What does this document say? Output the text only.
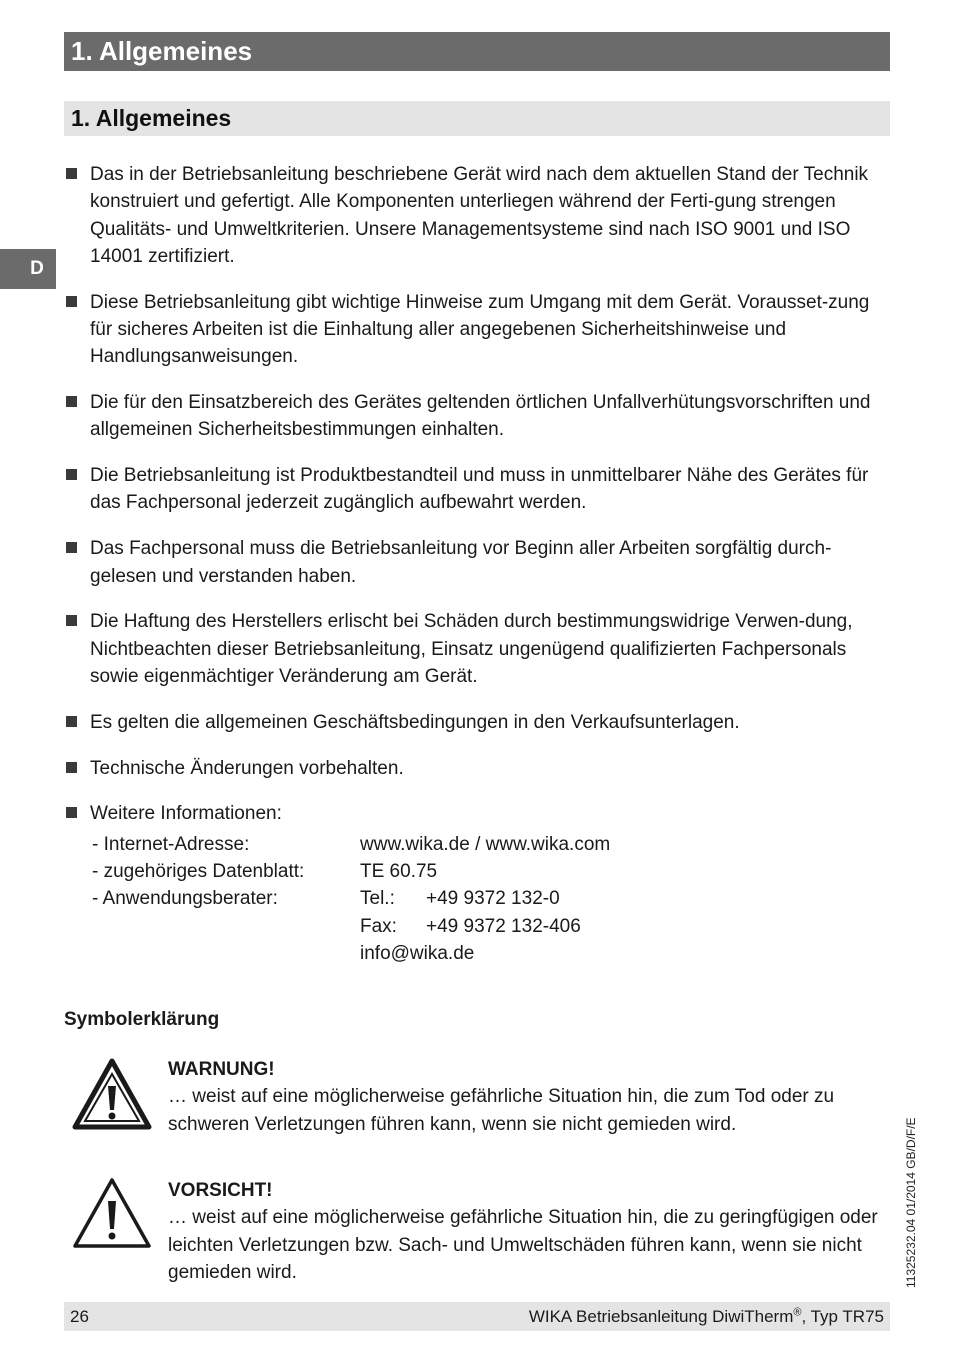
1. Allgemeines
1. Allgemeines
D
Das in der Betriebsanleitung beschriebene Gerät wird nach dem aktuellen Stand der Technik konstruiert und gefertigt. Alle Komponenten unterliegen während der Ferti-gung strengen Qualitäts- und Umweltkriterien. Unsere Managementsysteme sind nach ISO 9001 und ISO 14001 zertifiziert.
Diese Betriebsanleitung gibt wichtige Hinweise zum Umgang mit dem Gerät. Vorausset-zung für sicheres Arbeiten ist die Einhaltung aller angegebenen Sicherheitshinweise und Handlungsanweisungen.
Die für den Einsatzbereich des Gerätes geltenden örtlichen Unfallverhütungsvorschriften und allgemeinen Sicherheitsbestimmungen einhalten.
Die Betriebsanleitung ist Produktbestandteil und muss in unmittelbarer Nähe des Gerätes für das Fachpersonal jederzeit zugänglich aufbewahrt werden.
Das Fachpersonal muss die Betriebsanleitung vor Beginn aller Arbeiten sorgfältig durch-gelesen und verstanden haben.
Die Haftung des Herstellers erlischt bei Schäden durch bestimmungswidrige Verwen-dung, Nichtbeachten dieser Betriebsanleitung, Einsatz ungenügend qualifizierten Fachpersonals sowie eigenmächtiger Veränderung am Gerät.
Es gelten die allgemeinen Geschäftsbedingungen in den Verkaufsunterlagen.
Technische Änderungen vorbehalten.
Weitere Informationen:
- Internet-Adresse:	www.wika.de / www.wika.com
- zugehöriges Datenblatt:	TE 60.75
- Anwendungsberater:	Tel.: +49 9372 132-0
Fax: +49 9372 132-406
info@wika.de
Symbolerklärung
WARNUNG!
… weist auf eine möglicherweise gefährliche Situation hin, die zum Tod oder zu schweren Verletzungen führen kann, wenn sie nicht gemieden wird.
VORSICHT!
… weist auf eine möglicherweise gefährliche Situation hin, die zu geringfügigen oder leichten Verletzungen bzw. Sach- und Umweltschäden führen kann, wenn sie nicht gemieden wird.	11325232.04 01/2014 GB/D/F/E
26	WIKA Betriebsanleitung DiwiTherm®, Typ TR75
